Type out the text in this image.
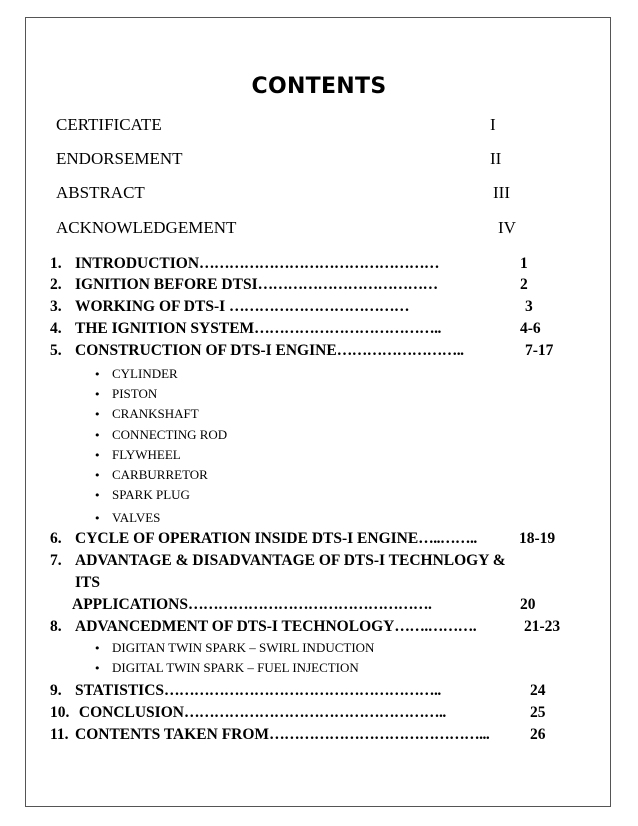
CONTENTS
CERTIFICATE	I
ENDORSEMENT	II
ABSTRACT	III
ACKNOWLEDGEMENT	IV
1. INTRODUCTION…………………………………………	1
2. IGNITION BEFORE DTSI………………………………	2
3. WORKING OF DTS-I ………………………………	3
4. THE IGNITION SYSTEM………………………………..	4-6
5. CONSTRUCTION OF DTS-I ENGINE……………………..	7-17
• CYLINDER
• PISTON
• CRANKSHAFT
• CONNECTING ROD
• FLYWHEEL
• CARBURRETOR
• SPARK PLUG
• VALVES
6. CYCLE OF OPERATION INSIDE DTS-I ENGINE…..……..	18-19
7. ADVANTAGE & DISADVANTAGE OF DTS-I TECHNLOGY &
ITS
APPLICATIONS………………………………………….	20
8. ADVANCEDMENT OF DTS-I TECHNOLOGY…….……….	21-23
• DIGITAN TWIN SPARK – SWIRL INDUCTION
• DIGITAL TWIN SPARK – FUEL INJECTION
9. STATISTICS………………………………………………..	24
10. CONCLUSION……………………………………………..	25
11. CONTENTS TAKEN FROM……………………………………...	26
